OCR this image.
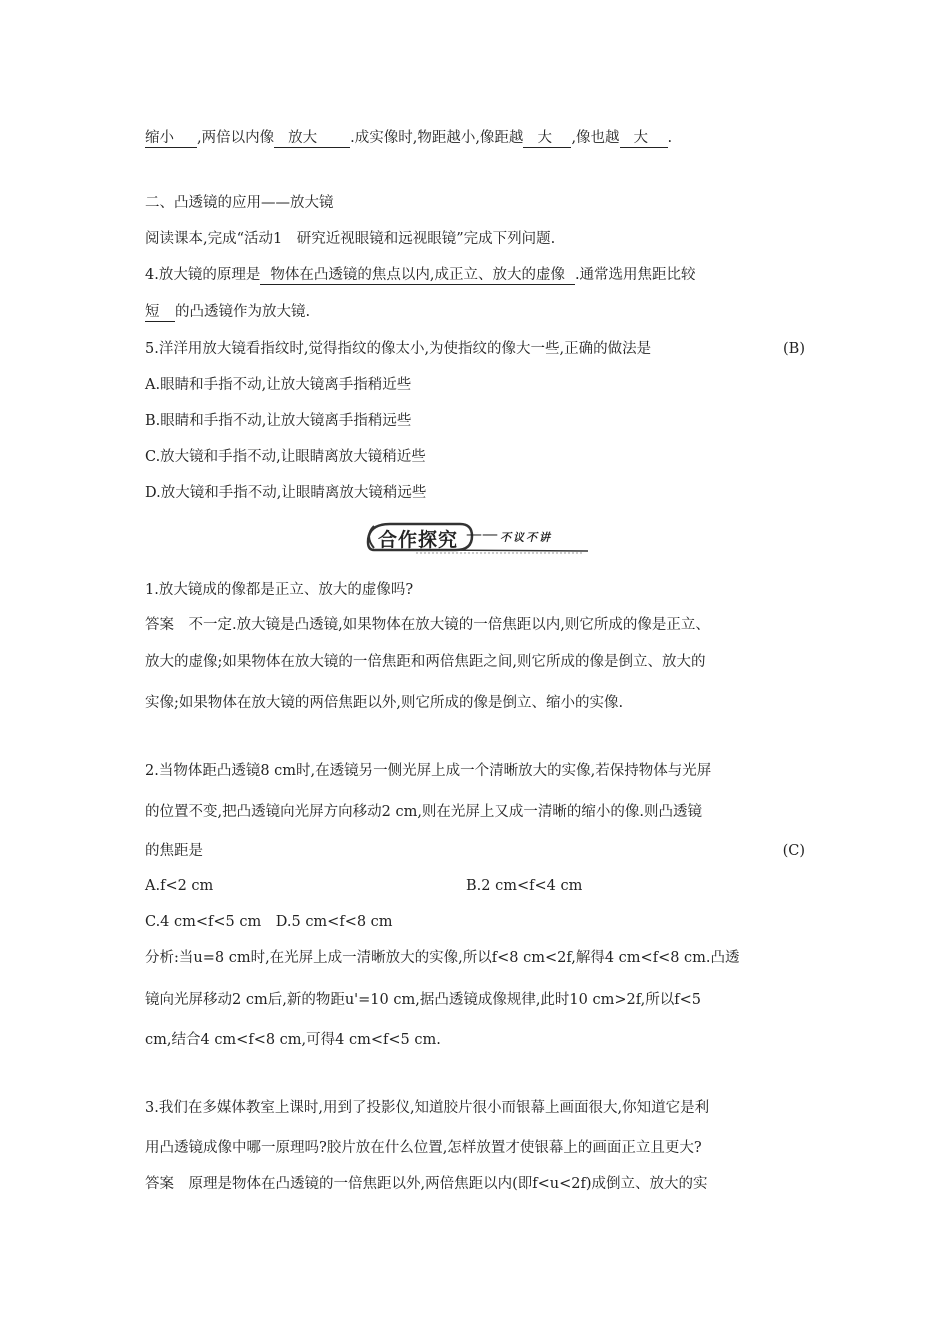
缩小 ,两倍以内像 放大 .成实像时,物距越小,像距越 大 ,像也越 大 .
二、凸透镜的应用——放大镜
阅读课本,完成“活动1　研究近视眼镜和远视眼镜”完成下列问题.
4.放大镜的原理是 物体在凸透镜的焦点以内,成正立、放大的虚像 .通常选用焦距比较
短 的凸透镜作为放大镜.
5.洋洋用放大镜看指纹时,觉得指纹的像太小,为使指纹的像大一些,正确的做法是	(B)
A.眼睛和手指不动,让放大镜离手指稍近些
B.眼睛和手指不动,让放大镜离手指稍远些
C.放大镜和手指不动,让眼睛离放大镜稍近些
D.放大镜和手指不动,让眼睛离放大镜稍远些
合作探究 —— 不议不讲
1.放大镜成的像都是正立、放大的虚像吗?
答案　不一定.放大镜是凸透镜,如果物体在放大镜的一倍焦距以内,则它所成的像是正立、
放大的虚像;如果物体在放大镜的一倍焦距和两倍焦距之间,则它所成的像是倒立、放大的
实像;如果物体在放大镜的两倍焦距以外,则它所成的像是倒立、缩小的实像.
2.当物体距凸透镜8 cm时,在透镜另一侧光屏上成一个清晰放大的实像,若保持物体与光屏
的位置不变,把凸透镜向光屏方向移动2 cm,则在光屏上又成一清晰的缩小的像.则凸透镜
的焦距是	(C)
A.f<2 cm	B.2 cm<f<4 cm
C.4 cm<f<5 cm　D.5 cm<f<8 cm
分析:当u=8 cm时,在光屏上成一清晰放大的实像,所以f<8 cm<2f,解得4 cm<f<8 cm.凸透
镜向光屏移动2 cm后,新的物距u'=10 cm,据凸透镜成像规律,此时10 cm>2f,所以f<5
cm,结合4 cm<f<8 cm,可得4 cm<f<5 cm.
3.我们在多媒体教室上课时,用到了投影仪,知道胶片很小而银幕上画面很大,你知道它是利
用凸透镜成像中哪一原理吗?胶片放在什么位置,怎样放置才使银幕上的画面正立且更大?
答案　原理是物体在凸透镜的一倍焦距以外,两倍焦距以内(即f<u<2f)成倒立、放大的实
